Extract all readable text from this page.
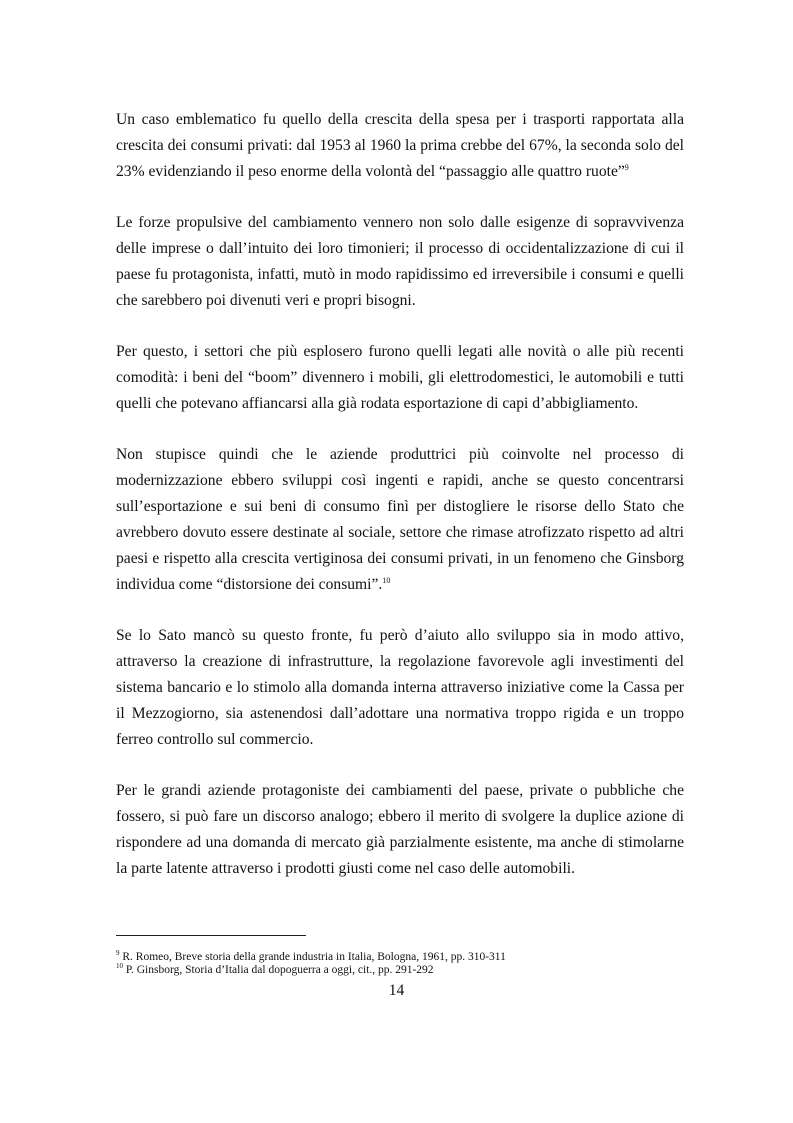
Un caso emblematico fu quello della crescita della spesa per i trasporti rapportata alla crescita dei consumi privati: dal 1953 al 1960 la prima crebbe del 67%, la seconda solo del 23% evidenziando il peso enorme della volontà del “passaggio alle quattro ruote”$^9$

Le forze propulsive del cambiamento vennero non solo dalle esigenze di sopravvivenza delle imprese o dall’intuito dei loro timonieri; il processo di occidentalizzazione di cui il paese fu protagonista, infatti, mutò in modo rapidissimo ed irreversibile i consumi e quelli che sarebbero poi divenuti veri e propri bisogni.

Per questo, i settori che più esplosero furono quelli legati alle novità o alle più recenti comodità: i beni del “boom” divennero i mobili, gli elettrodomestici, le automobili e tutti quelli che potevano affiancarsi alla già rodata esportazione di capi d’abbigliamento.

Non stupisce quindi che le aziende produttrici più coinvolte nel processo di modernizzazione ebbero sviluppi così ingenti e rapidi, anche se questo concentrarsi sull’esportazione e sui beni di consumo finì per distogliere le risorse dello Stato che avrebbero dovuto essere destinate al sociale, settore che rimase atrofizzato rispetto ad altri paesi e rispetto alla crescita vertiginosa dei consumi privati, in un fenomeno che Ginsborg individua come “distorsione dei consumi”.$^{10}$

Se lo Sato mancò su questo fronte, fu però d’aiuto allo sviluppo sia in modo attivo, attraverso la creazione di infrastrutture, la regolazione favorevole agli investimenti del sistema bancario e lo stimolo alla domanda interna attraverso iniziative come la Cassa per il Mezzogiorno, sia astenendosi dall’adottare una normativa troppo rigida e un troppo ferreo controllo sul commercio.

Per le grandi aziende protagoniste dei cambiamenti del paese, private o pubbliche che fossero, si può fare un discorso analogo; ebbero il merito di svolgere la duplice azione di rispondere ad una domanda di mercato già parzialmente esistente, ma anche di stimolarne la parte latente attraverso i prodotti giusti come nel caso delle automobili.

$^9$ R. Romeo, Breve storia della grande industria in Italia, Bologna, 1961, pp. 310-311

$^{10}$ P. Ginsborg, Storia d’Italia dal dopoguerra a oggi, cit., pp. 291-292

14
